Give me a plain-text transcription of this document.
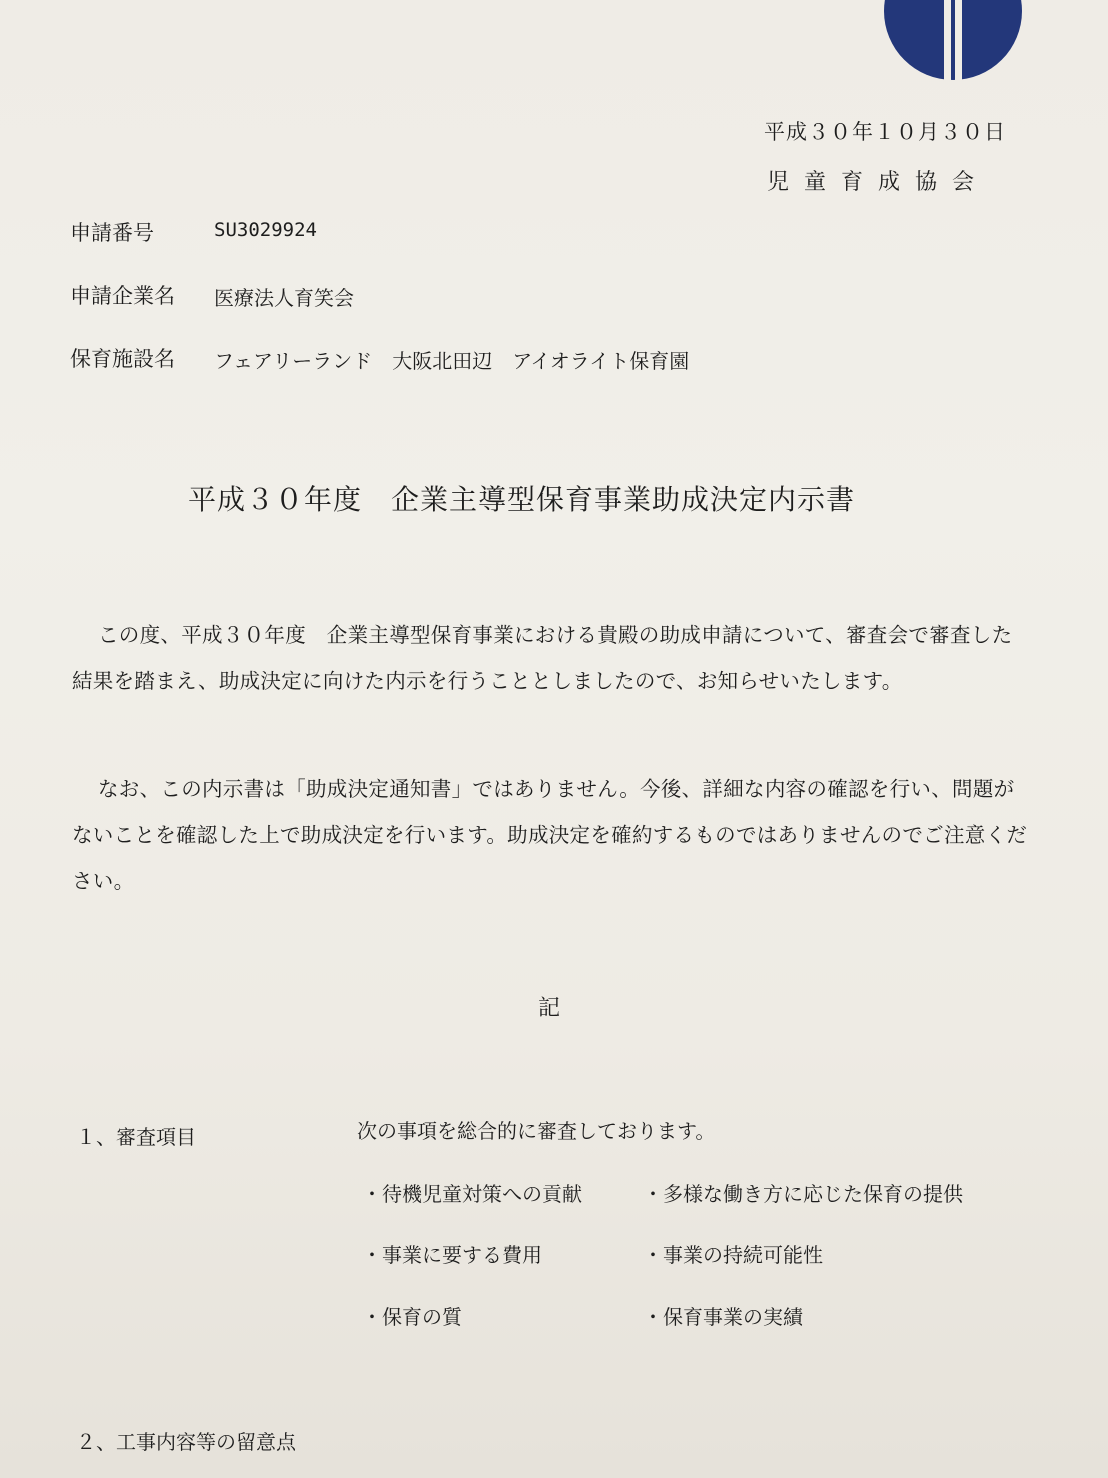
平成３０年１０月３０日
児童育成協会
申請番号	SU3029924
申請企業名 医療法人育笑会
保育施設名 フェアリーランド　大阪北田辺　アイオライト保育園
平成３０年度　企業主導型保育事業助成決定内示書
この度、平成３０年度　企業主導型保育事業における貴殿の助成申請について、審査会で審査した結果を踏まえ、助成決定に向けた内示を行うこととしましたので、お知らせいたします。
なお、この内示書は「助成決定通知書」ではありません。今後、詳細な内容の確認を行い、問題がないことを確認した上で助成決定を行います。助成決定を確約するものではありませんのでご注意ください。
記
１、審査項目	次の事項を総合的に審査しております。
・待機児童対策への貢献	・多様な働き方に応じた保育の提供
・事業に要する費用	・事業の持続可能性
・保育の質	・保育事業の実績
２、工事内容等の留意点
